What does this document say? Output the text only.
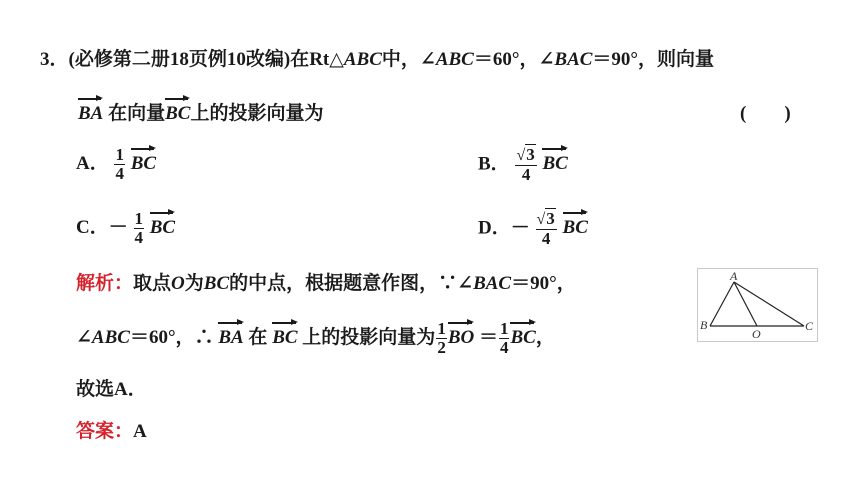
3．(必修第二册18页例10改编)在Rt△ABC中，∠ABC＝60°，∠BAC＝90°，则向量
BA 在向量BC上的投影向量为	(　　)
A． $\frac{1}{4}$ BC	B． $\frac{√3}{4}$ BC
C．－ $\frac{1}{4}$ BC	D．－ $\frac{√3}{4}$ BC
解析：取点O为BC的中点，根据题意作图，∵∠BAC＝90°，
∠ABC＝60°，∴ BA 在 BC 上的投影向量为 $\frac{1}{2}$ BO ＝ $\frac{1}{4}$ BC，
故选A．
答案：A
A
B	C
O
